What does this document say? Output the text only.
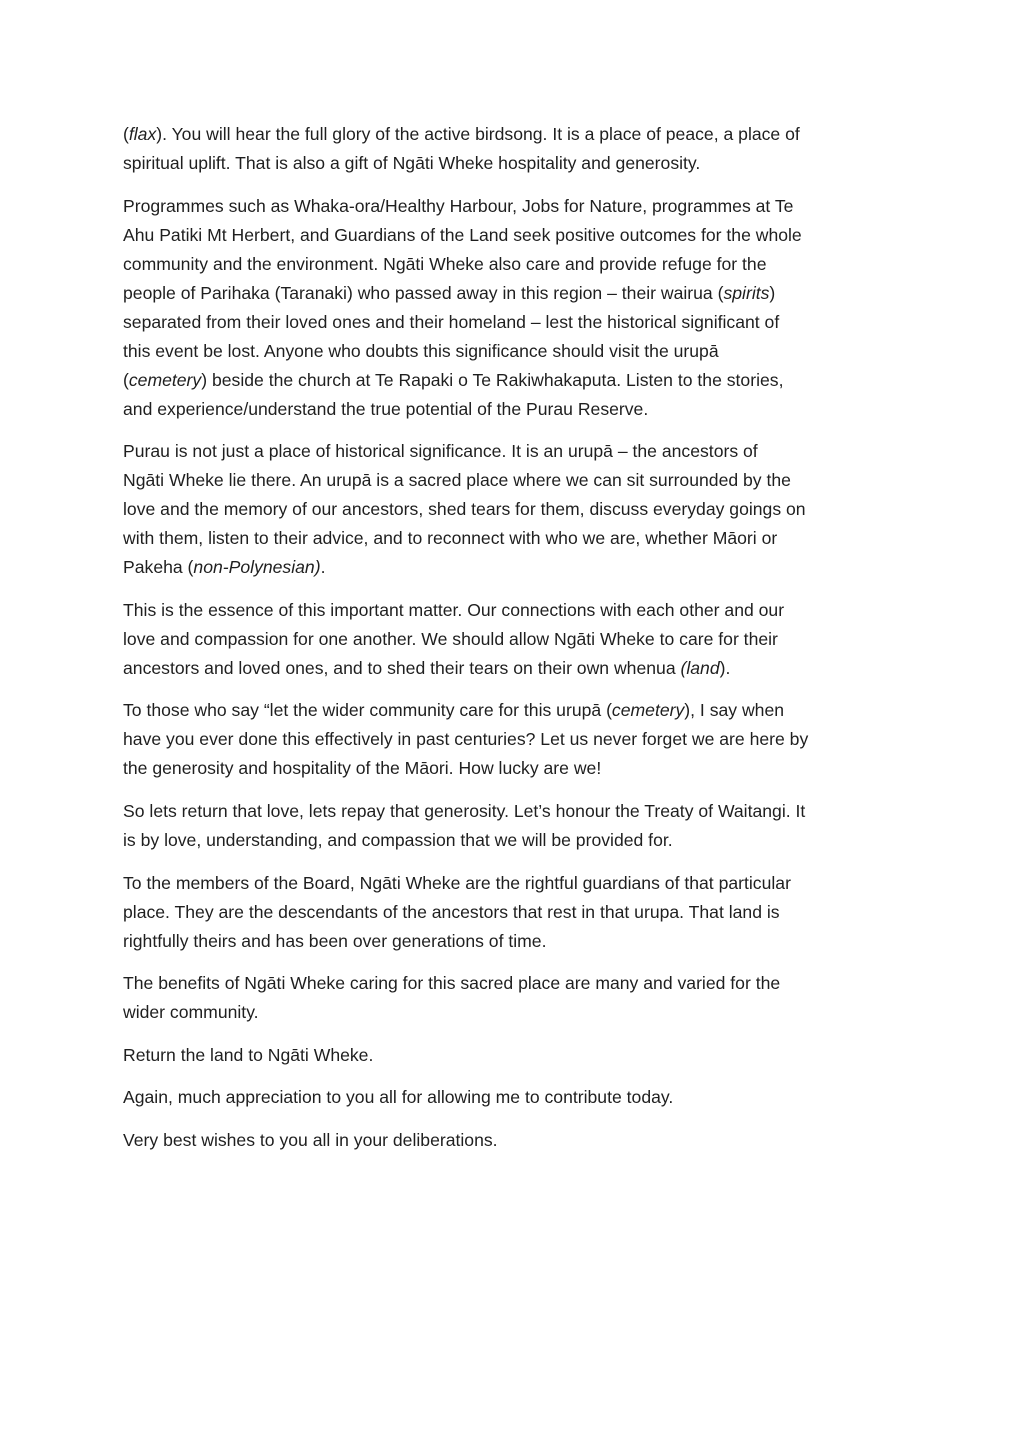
(flax). You will hear the full glory of the active birdsong. It is a place of peace, a place of
spiritual uplift. That is also a gift of Ngāti Wheke hospitality and generosity.

Programmes such as Whaka-ora/Healthy Harbour, Jobs for Nature, programmes at Te
Ahu Patiki Mt Herbert, and Guardians of the Land seek positive outcomes for the whole
community and the environment. Ngāti Wheke also care and provide refuge for the
people of Parihaka (Taranaki) who passed away in this region – their wairua (spirits)
separated from their loved ones and their homeland – lest the historical significant of
this event be lost. Anyone who doubts this significance should visit the urupā
(cemetery) beside the church at Te Rapaki o Te Rakiwhakaputa. Listen to the stories,
and experience/understand the true potential of the Purau Reserve.

Purau is not just a place of historical significance. It is an urupā – the ancestors of
Ngāti Wheke lie there. An urupā is a sacred place where we can sit surrounded by the
love and the memory of our ancestors, shed tears for them, discuss everyday goings on
with them, listen to their advice, and to reconnect with who we are, whether Māori or
Pakeha (non-Polynesian).

This is the essence of this important matter. Our connections with each other and our
love and compassion for one another. We should allow Ngāti Wheke to care for their
ancestors and loved ones, and to shed their tears on their own whenua (land).

To those who say “let the wider community care for this urupā (cemetery), I say when
have you ever done this effectively in past centuries? Let us never forget we are here by
the generosity and hospitality of the Māori. How lucky are we!

So lets return that love, lets repay that generosity. Let’s honour the Treaty of Waitangi. It
is by love, understanding, and compassion that we will be provided for.

To the members of the Board, Ngāti Wheke are the rightful guardians of that particular
place. They are the descendants of the ancestors that rest in that urupa. That land is
rightfully theirs and has been over generations of time.

The benefits of Ngāti Wheke caring for this sacred place are many and varied for the
wider community.

Return the land to Ngāti Wheke.

Again, much appreciation to you all for allowing me to contribute today.

Very best wishes to you all in your deliberations.
